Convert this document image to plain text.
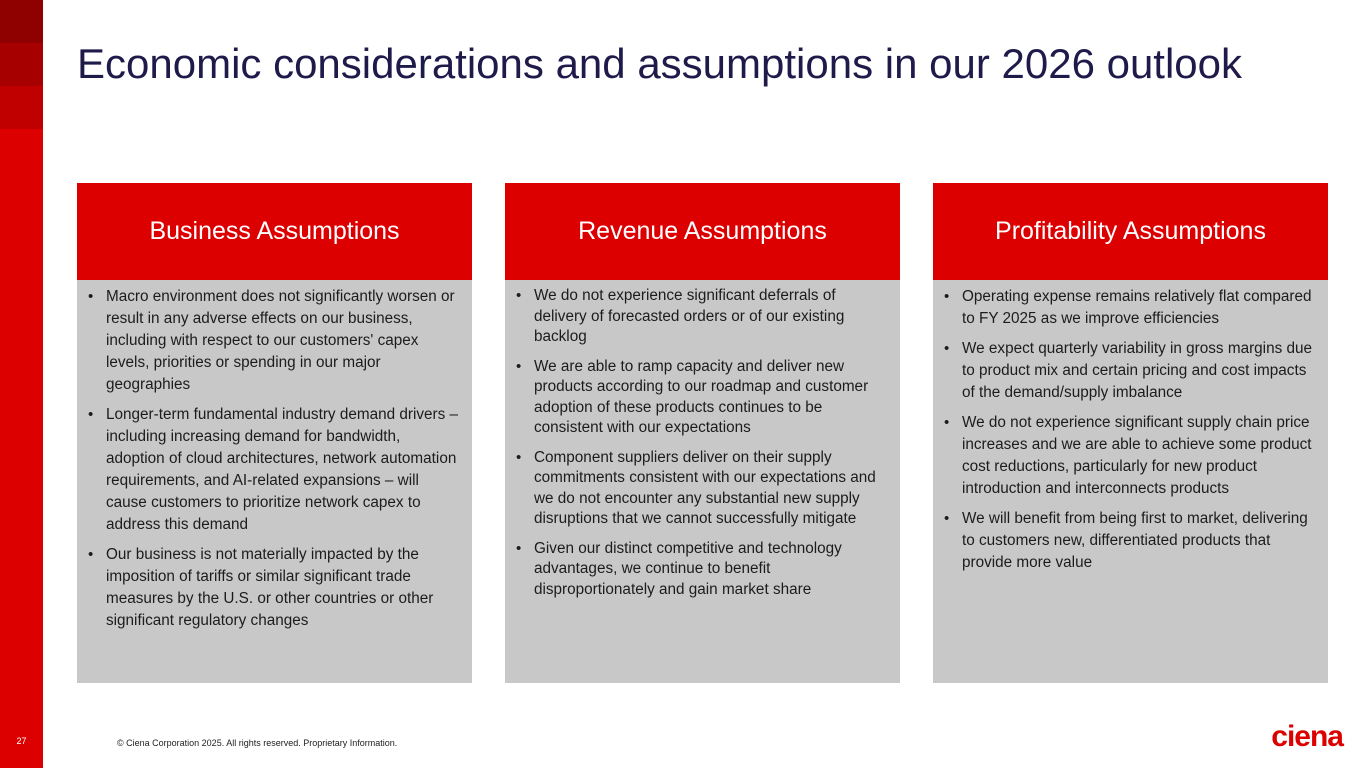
27
Economic considerations and assumptions in our 2026 outlook
Business Assumptions
• Macro environment does not significantly worsen or result in any adverse effects on our business, including with respect to our customers' capex levels, priorities or spending in our major geographies
• Longer-term fundamental industry demand drivers – including increasing demand for bandwidth, adoption of cloud architectures, network automation requirements, and AI-related expansions – will cause customers to prioritize network capex to address this demand
• Our business is not materially impacted by the imposition of tariffs or similar significant trade measures by the U.S. or other countries or other significant regulatory changes
Revenue Assumptions
• We do not experience significant deferrals of delivery of forecasted orders or of our existing backlog
• We are able to ramp capacity and deliver new products according to our roadmap and customer adoption of these products continues to be consistent with our expectations
• Component suppliers deliver on their supply commitments consistent with our expectations and we do not encounter any substantial new supply disruptions that we cannot successfully mitigate
• Given our distinct competitive and technology advantages, we continue to benefit disproportionately and gain market share
Profitability Assumptions
• Operating expense remains relatively flat compared to FY 2025 as we improve efficiencies
• We expect quarterly variability in gross margins due to product mix and certain pricing and cost impacts of the demand/supply imbalance
• We do not experience significant supply chain price increases and we are able to achieve some product cost reductions, particularly for new product introduction and interconnects products
• We will benefit from being first to market, delivering to customers new, differentiated products that provide more value
© Ciena Corporation 2025. All rights reserved. Proprietary Information.	ciena
